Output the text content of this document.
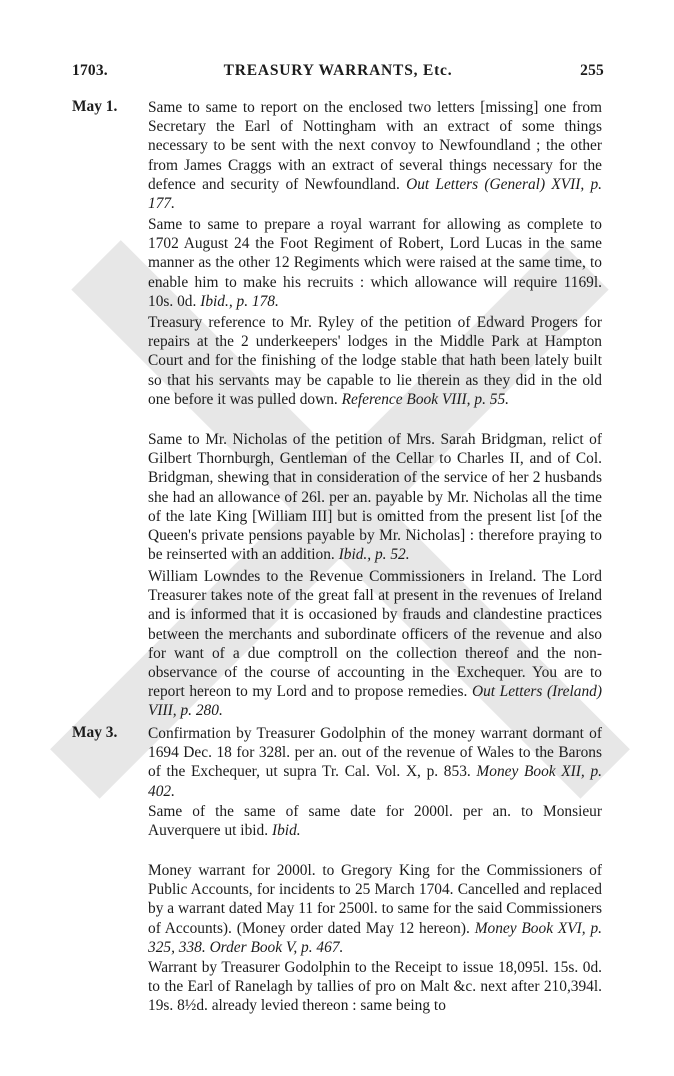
1703.	TREASURY WARRANTS, Etc.	255
May 1. Same to same to report on the enclosed two letters [missing] one from Secretary the Earl of Nottingham with an extract of some things necessary to be sent with the next convoy to Newfoundland ; the other from James Craggs with an extract of several things necessary for the defence and security of Newfoundland. Out Letters (General) XVII, p. 177.
Same to same to prepare a royal warrant for allowing as complete to 1702 August 24 the Foot Regiment of Robert, Lord Lucas in the same manner as the other 12 Regiments which were raised at the same time, to enable him to make his recruits : which allowance will require 1169l. 10s. 0d. Ibid., p. 178.
Treasury reference to Mr. Ryley of the petition of Edward Progers for repairs at the 2 underkeepers' lodges in the Middle Park at Hampton Court and for the finishing of the lodge stable that hath been lately built so that his servants may be capable to lie therein as they did in the old one before it was pulled down. Reference Book VIII, p. 55.
Same to Mr. Nicholas of the petition of Mrs. Sarah Bridgman, relict of Gilbert Thornburgh, Gentleman of the Cellar to Charles II, and of Col. Bridgman, shewing that in consideration of the service of her 2 husbands she had an allowance of 26l. per an. payable by Mr. Nicholas all the time of the late King [William III] but is omitted from the present list [of the Queen's private pensions payable by Mr. Nicholas] : therefore praying to be reinserted with an addition. Ibid., p. 52.
William Lowndes to the Revenue Commissioners in Ireland. The Lord Treasurer takes note of the great fall at present in the revenues of Ireland and is informed that it is occasioned by frauds and clandestine practices between the merchants and subordinate officers of the revenue and also for want of a due comptroll on the collection thereof and the non-observance of the course of accounting in the Exchequer. You are to report hereon to my Lord and to propose remedies. Out Letters (Ireland) VIII, p. 280.
May 3. Confirmation by Treasurer Godolphin of the money warrant dormant of 1694 Dec. 18 for 328l. per an. out of the revenue of Wales to the Barons of the Exchequer, ut supra Tr. Cal. Vol. X, p. 853. Money Book XII, p. 402.
Same of the same of same date for 2000l. per an. to Monsieur Auverquere ut ibid. Ibid.
Money warrant for 2000l. to Gregory King for the Commissioners of Public Accounts, for incidents to 25 March 1704. Cancelled and replaced by a warrant dated May 11 for 2500l. to same for the said Commissioners of Accounts). (Money order dated May 12 hereon). Money Book XVI, p. 325, 338. Order Book V, p. 467.
Warrant by Treasurer Godolphin to the Receipt to issue 18,095l. 15s. 0d. to the Earl of Ranelagh by tallies of pro on Malt &c. next after 210,394l. 19s. 8½d. already levied thereon : same being to
